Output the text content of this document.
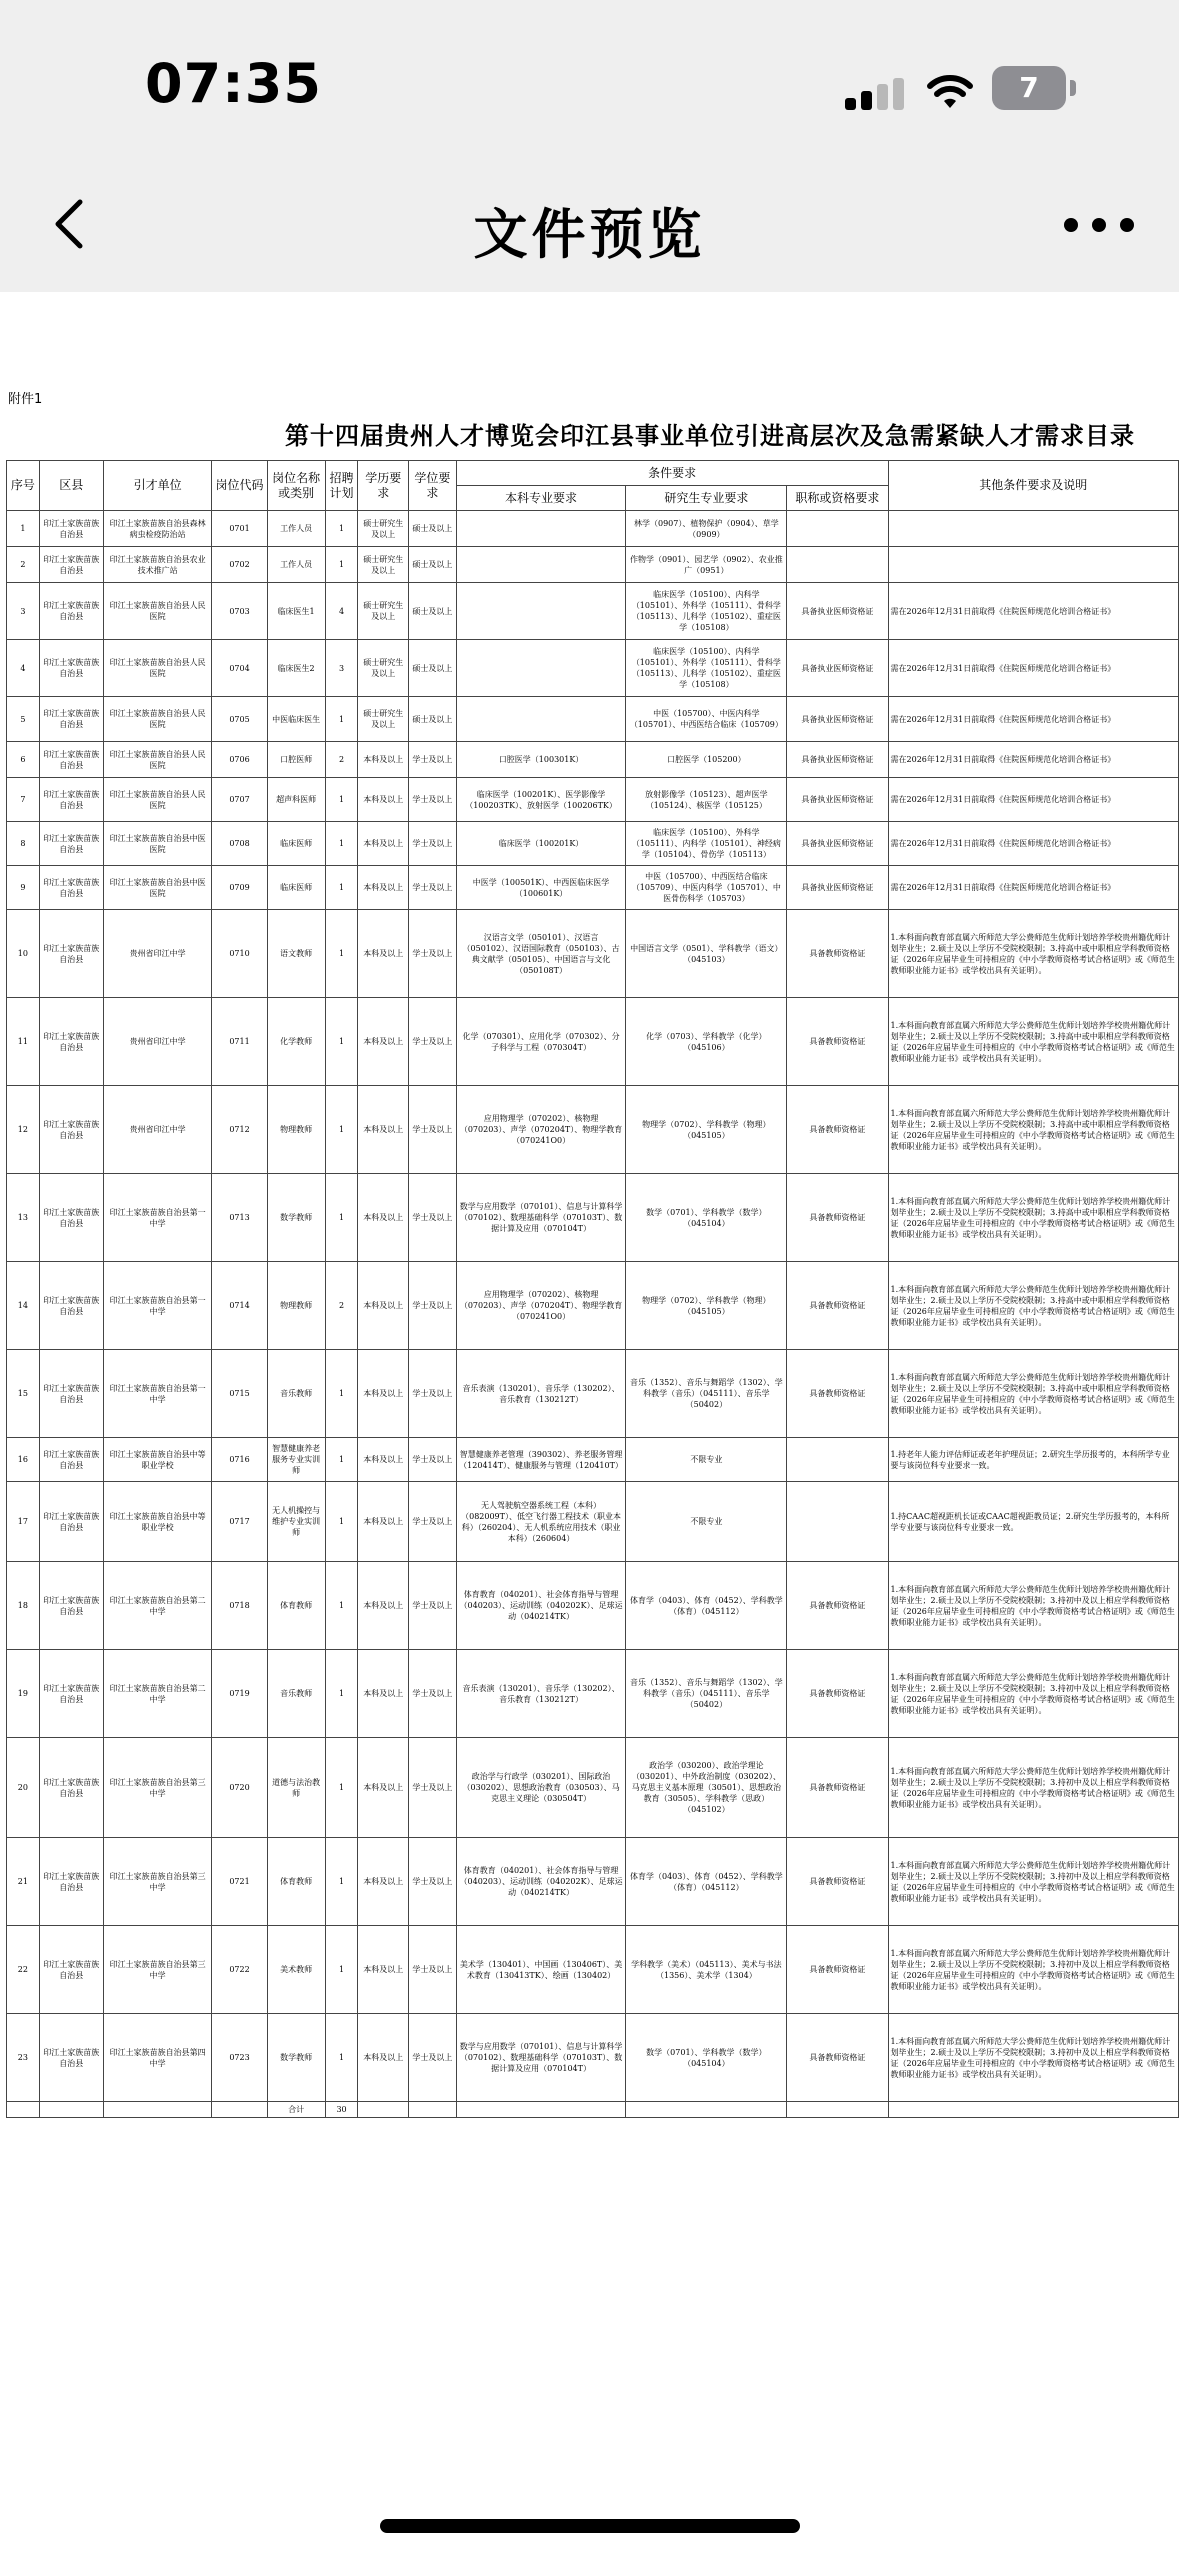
07:35	7
文件预览
附件1
第十四届贵州人才博览会印江县事业单位引进高层次及急需紧缺人才需求目录
序号	区县	引才单位	岗位代码	岗位名称或类别	招聘计划	学历要求	学位要求	条件要求			其他条件要求及说明
								本科专业要求	研究生专业要求	职称或资格要求	
1	印江土家族苗族自治县	印江土家族苗族自治县森林病虫检疫防治站	0701	工作人员	1	硕士研究生及以上	硕士及以上		林学（0907）、植物保护（0904）、草学（0909）		
2	印江土家族苗族自治县	印江土家族苗族自治县农业技术推广站	0702	工作人员	1	硕士研究生及以上	硕士及以上		作物学（0901）、园艺学（0902）、农业推广（0951）		
3	印江土家族苗族自治县	印江土家族苗族自治县人民医院	0703	临床医生1	4	硕士研究生及以上	硕士及以上		临床医学（105100）、内科学（105101）、外科学（105111）、骨科学（105113）、儿科学（105102）、重症医学（105108）	具备执业医师资格证	需在2026年12月31日前取得《住院医师规范化培训合格证书》
4	印江土家族苗族自治县	印江土家族苗族自治县人民医院	0704	临床医生2	3	硕士研究生及以上	硕士及以上		临床医学（105100）、内科学（105101）、外科学（105111）、骨科学（105113）、儿科学（105102）、重症医学（105108）	具备执业医师资格证	需在2026年12月31日前取得《住院医师规范化培训合格证书》
5	印江土家族苗族自治县	印江土家族苗族自治县人民医院	0705	中医临床医生	1	硕士研究生及以上	硕士及以上		中医（105700）、中医内科学（105701）、中西医结合临床（105709）	具备执业医师资格证	需在2026年12月31日前取得《住院医师规范化培训合格证书》
6	印江土家族苗族自治县	印江土家族苗族自治县人民医院	0706	口腔医师	2	本科及以上	学士及以上	口腔医学（100301K）	口腔医学（105200）	具备执业医师资格证	需在2026年12月31日前取得《住院医师规范化培训合格证书》
7	印江土家族苗族自治县	印江土家族苗族自治县人民医院	0707	超声科医师	1	本科及以上	学士及以上	临床医学（100201K）、医学影像学（100203TK）、放射医学（100206TK）	放射影像学（105123）、超声医学（105124）、核医学（105125）	具备执业医师资格证	需在2026年12月31日前取得《住院医师规范化培训合格证书》
8	印江土家族苗族自治县	印江土家族苗族自治县中医医院	0708	临床医师	1	本科及以上	学士及以上	临床医学（100201K）	临床医学（105100）、外科学（105111）、内科学（105101）、神经病学（105104）、骨伤学（105113）	具备执业医师资格证	需在2026年12月31日前取得《住院医师规范化培训合格证书》
9	印江土家族苗族自治县	印江土家族苗族自治县中医医院	0709	临床医师	1	本科及以上	学士及以上	中医学（100501K）、中西医临床医学（100601K）	中医（105700）、中西医结合临床（105709）、中医内科学（105701）、中医骨伤科学（105703）	具备执业医师资格证	需在2026年12月31日前取得《住院医师规范化培训合格证书》
10	印江土家族苗族自治县	贵州省印江中学	0710	语文教师	1	本科及以上	学士及以上	汉语言文学（050101）、汉语言（050102）、汉语国际教育（050103）、古典文献学（050105）、中国语言与文化（050108T）	中国语言文学（0501）、学科教学（语文）（045103）	具备教师资格证	1.本科面向教育部直属六所师范大学公费师范生优师计划培养学校贵州籍优师计划毕业生；2.硕士及以上学历不受院校限制；3.持高中或中职相应学科教师资格证（2026年应届毕业生可持相应的《中小学教师资格考试合格证明》或《师范生教师职业能力证书》或学校出具有关证明）。
11	印江土家族苗族自治县	贵州省印江中学	0711	化学教师	1	本科及以上	学士及以上	化学（070301）、应用化学（070302）、分子科学与工程（070304T）	化学（0703）、学科教学（化学）（045106）	具备教师资格证	1.本科面向教育部直属六所师范大学公费师范生优师计划培养学校贵州籍优师计划毕业生；2.硕士及以上学历不受院校限制；3.持高中或中职相应学科教师资格证（2026年应届毕业生可持相应的《中小学教师资格考试合格证明》或《师范生教师职业能力证书》或学校出具有关证明）。
12	印江土家族苗族自治县	贵州省印江中学	0712	物理教师	1	本科及以上	学士及以上	应用物理学（070202）、核物理（070203）、声学（070204T）、物理学教育（070241O0）	物理学（0702）、学科教学（物理）（045105）	具备教师资格证	1.本科面向教育部直属六所师范大学公费师范生优师计划培养学校贵州籍优师计划毕业生；2.硕士及以上学历不受院校限制；3.持高中或中职相应学科教师资格证（2026年应届毕业生可持相应的《中小学教师资格考试合格证明》或《师范生教师职业能力证书》或学校出具有关证明）。
13	印江土家族苗族自治县	印江土家族苗族自治县第一中学	0713	数学教师	1	本科及以上	学士及以上	数学与应用数学（070101）、信息与计算科学（070102）、数理基础科学（070103T）、数据计算及应用（070104T）	数学（0701）、学科教学（数学）（045104）	具备教师资格证	1.本科面向教育部直属六所师范大学公费师范生优师计划培养学校贵州籍优师计划毕业生；2.硕士及以上学历不受院校限制；3.持高中或中职相应学科教师资格证（2026年应届毕业生可持相应的《中小学教师资格考试合格证明》或《师范生教师职业能力证书》或学校出具有关证明）。
14	印江土家族苗族自治县	印江土家族苗族自治县第一中学	0714	物理教师	2	本科及以上	学士及以上	应用物理学（070202）、核物理（070203）、声学（070204T）、物理学教育（070241O0）	物理学（0702）、学科教学（物理）（045105）	具备教师资格证	1.本科面向教育部直属六所师范大学公费师范生优师计划培养学校贵州籍优师计划毕业生；2.硕士及以上学历不受院校限制；3.持高中或中职相应学科教师资格证（2026年应届毕业生可持相应的《中小学教师资格考试合格证明》或《师范生教师职业能力证书》或学校出具有关证明）。
15	印江土家族苗族自治县	印江土家族苗族自治县第一中学	0715	音乐教师	1	本科及以上	学士及以上	音乐表演（130201）、音乐学（130202）、音乐教育（130212T）	音乐（1352）、音乐与舞蹈学（1302）、学科教学（音乐）（045111）、音乐学（50402）	具备教师资格证	1.本科面向教育部直属六所师范大学公费师范生优师计划培养学校贵州籍优师计划毕业生；2.硕士及以上学历不受院校限制；3.持高中或中职相应学科教师资格证（2026年应届毕业生可持相应的《中小学教师资格考试合格证明》或《师范生教师职业能力证书》或学校出具有关证明）。
16	印江土家族苗族自治县	印江土家族苗族自治县中等职业学校	0716	智慧健康养老服务专业实训师	1	本科及以上	学士及以上	智慧健康养老管理（390302）、养老服务管理（120414T）、健康服务与管理（120410T）	不限专业		1.持老年人能力评估师证或老年护理员证；2.研究生学历报考的，本科所学专业要与该岗位科专业要求一致。
17	印江土家族苗族自治县	印江土家族苗族自治县中等职业学校	0717	无人机操控与维护专业实训师	1	本科及以上	学士及以上	无人驾驶航空器系统工程（本科）（082009T）、低空飞行器工程技术（职业本科）（260204）、无人机系统应用技术（职业本科）（260604）	不限专业		1.持CAAC超视距机长证或CAAC超视距教员证；2.研究生学历报考的，本科所学专业要与该岗位科专业要求一致。
18	印江土家族苗族自治县	印江土家族苗族自治县第二中学	0718	体育教师	1	本科及以上	学士及以上	体育教育（040201）、社会体育指导与管理（040203）、运动训练（040202K）、足球运动（040214TK）	体育学（0403）、体育（0452）、学科教学（体育）（045112）	具备教师资格证	1.本科面向教育部直属六所师范大学公费师范生优师计划培养学校贵州籍优师计划毕业生；2.硕士及以上学历不受院校限制；3.持初中及以上相应学科教师资格证（2026年应届毕业生可持相应的《中小学教师资格考试合格证明》或《师范生教师职业能力证书》或学校出具有关证明）。
19	印江土家族苗族自治县	印江土家族苗族自治县第二中学	0719	音乐教师	1	本科及以上	学士及以上	音乐表演（130201）、音乐学（130202）、音乐教育（130212T）	音乐（1352）、音乐与舞蹈学（1302）、学科教学（音乐）（045111）、音乐学（50402）	具备教师资格证	1.本科面向教育部直属六所师范大学公费师范生优师计划培养学校贵州籍优师计划毕业生；2.硕士及以上学历不受院校限制；3.持初中及以上相应学科教师资格证（2026年应届毕业生可持相应的《中小学教师资格考试合格证明》或《师范生教师职业能力证书》或学校出具有关证明）。
20	印江土家族苗族自治县	印江土家族苗族自治县第三中学	0720	道德与法治教师	1	本科及以上	学士及以上	政治学与行政学（030201）、国际政治（030202）、思想政治教育（030503）、马克思主义理论（030504T）	政治学（030200）、政治学理论（030201）、中外政治制度（030202）、马克思主义基本原理（30501）、思想政治教育（30505）、学科教学（思政）（045102）	具备教师资格证	1.本科面向教育部直属六所师范大学公费师范生优师计划培养学校贵州籍优师计划毕业生；2.硕士及以上学历不受院校限制；3.持初中及以上相应学科教师资格证（2026年应届毕业生可持相应的《中小学教师资格考试合格证明》或《师范生教师职业能力证书》或学校出具有关证明）。
21	印江土家族苗族自治县	印江土家族苗族自治县第三中学	0721	体育教师	1	本科及以上	学士及以上	体育教育（040201）、社会体育指导与管理（040203）、运动训练（040202K）、足球运动（040214TK）	体育学（0403）、体育（0452）、学科教学（体育）（045112）	具备教师资格证	1.本科面向教育部直属六所师范大学公费师范生优师计划培养学校贵州籍优师计划毕业生；2.硕士及以上学历不受院校限制；3.持初中及以上相应学科教师资格证（2026年应届毕业生可持相应的《中小学教师资格考试合格证明》或《师范生教师职业能力证书》或学校出具有关证明）。
22	印江土家族苗族自治县	印江土家族苗族自治县第三中学	0722	美术教师	1	本科及以上	学士及以上	美术学（130401）、中国画（130406T）、美术教育（130413TK）、绘画（130402）	学科教学（美术）（045113）、美术与书法（1356）、美术学（1304）	具备教师资格证	1.本科面向教育部直属六所师范大学公费师范生优师计划培养学校贵州籍优师计划毕业生；2.硕士及以上学历不受院校限制；3.持初中及以上相应学科教师资格证（2026年应届毕业生可持相应的《中小学教师资格考试合格证明》或《师范生教师职业能力证书》或学校出具有关证明）。
23	印江土家族苗族自治县	印江土家族苗族自治县第四中学	0723	数学教师	1	本科及以上	学士及以上	数学与应用数学（070101）、信息与计算科学（070102）、数理基础科学（070103T）、数据计算及应用（070104T）	数学（0701）、学科教学（数学）（045104）	具备教师资格证	1.本科面向教育部直属六所师范大学公费师范生优师计划培养学校贵州籍优师计划毕业生；2.硕士及以上学历不受院校限制；3.持初中及以上相应学科教师资格证（2026年应届毕业生可持相应的《中小学教师资格考试合格证明》或《师范生教师职业能力证书》或学校出具有关证明）。
				合计	30						
